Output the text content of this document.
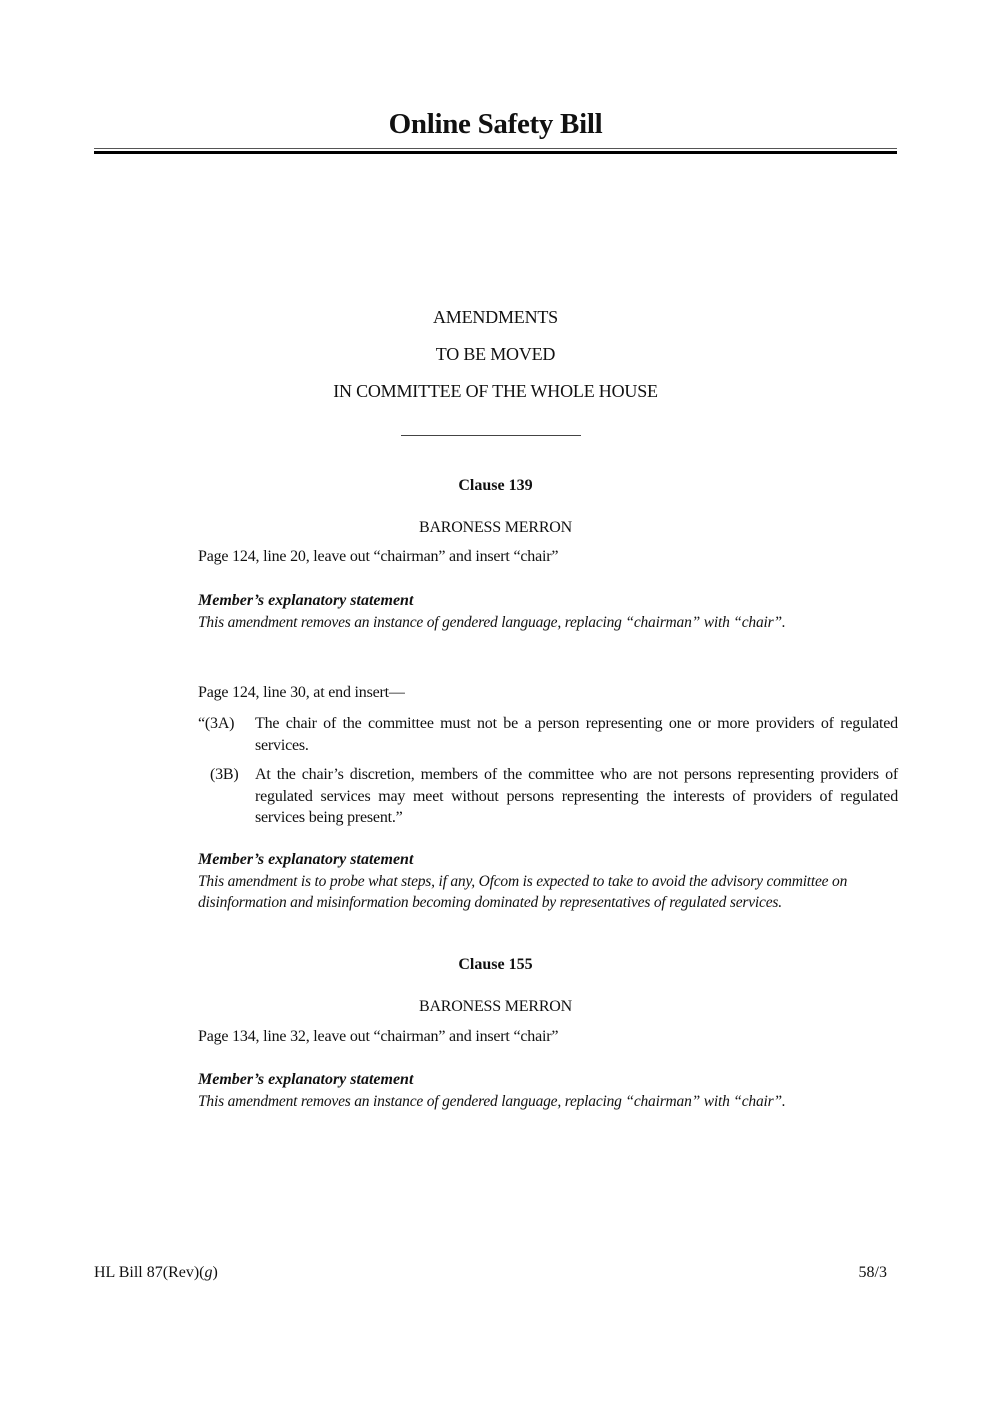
Online Safety Bill
AMENDMENTS
TO BE MOVED
IN COMMITTEE OF THE WHOLE HOUSE
Clause 139
BARONESS MERRON
Page 124, line 20, leave out “chairman” and insert “chair”
Member’s explanatory statement
This amendment removes an instance of gendered language, replacing “chairman” with “chair”.
Page 124, line 30, at end insert—
“(3A)	The chair of the committee must not be a person representing one or more providers of regulated services.
(3B)	At the chair’s discretion, members of the committee who are not persons representing providers of regulated services may meet without persons representing the interests of providers of regulated services being present.”
Member’s explanatory statement
This amendment is to probe what steps, if any, Ofcom is expected to take to avoid the advisory committee on disinformation and misinformation becoming dominated by representatives of regulated services.
Clause 155
BARONESS MERRON
Page 134, line 32, leave out “chairman” and insert “chair”
Member’s explanatory statement
This amendment removes an instance of gendered language, replacing “chairman” with “chair”.
HL Bill 87(Rev)(g)	58/3
